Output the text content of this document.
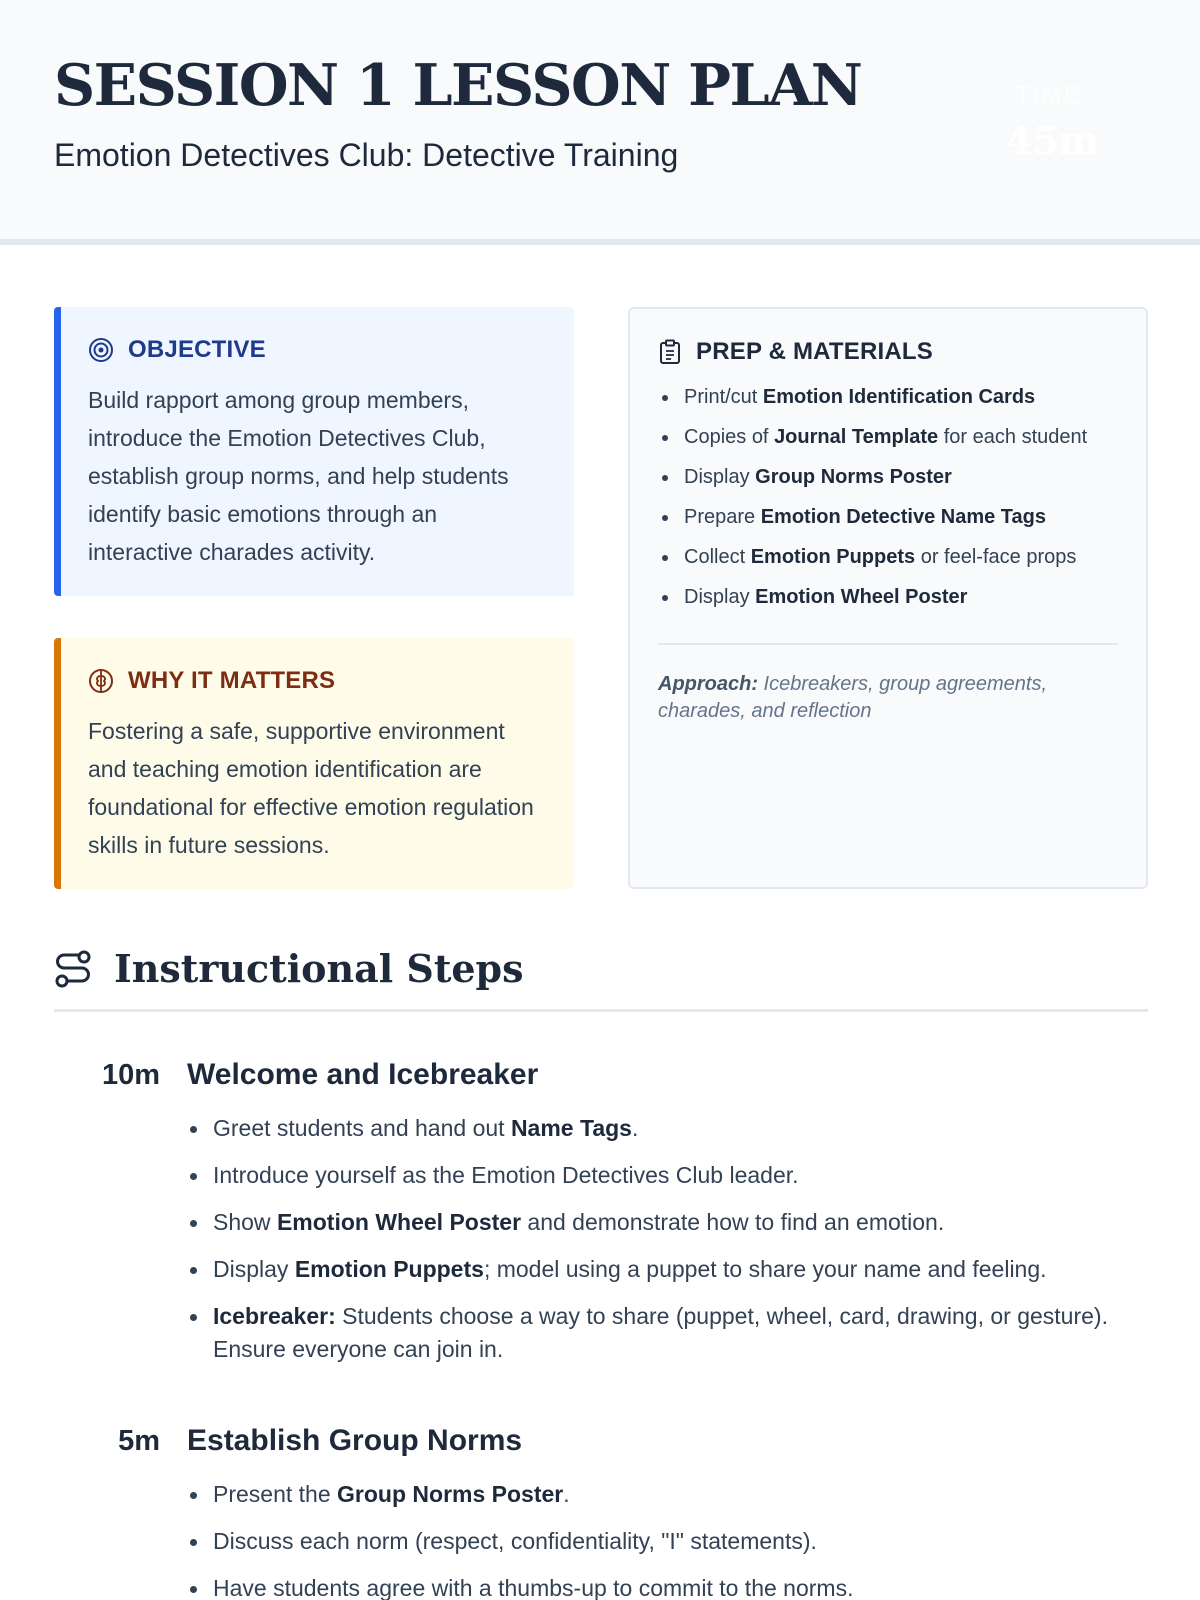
SESSION 1 LESSON PLAN
Emotion Detectives Club: Detective Training
TIME
45m
OBJECTIVE
Build rapport among group members, introduce the Emotion Detectives Club, establish group norms, and help students identify basic emotions through an interactive charades activity.
WHY IT MATTERS
Fostering a safe, supportive environment and teaching emotion identification are foundational for effective emotion regulation skills in future sessions.
PREP & MATERIALS
Print/cut Emotion Identification Cards
Copies of Journal Template for each student
Display Group Norms Poster
Prepare Emotion Detective Name Tags
Collect Emotion Puppets or feel-face props
Display Emotion Wheel Poster
Approach: Icebreakers, group agreements, charades, and reflection
Instructional Steps
10m Welcome and Icebreaker
Greet students and hand out Name Tags.
Introduce yourself as the Emotion Detectives Club leader.
Show Emotion Wheel Poster and demonstrate how to find an emotion.
Display Emotion Puppets; model using a puppet to share your name and feeling.
Icebreaker: Students choose a way to share (puppet, wheel, card, drawing, or gesture). Ensure everyone can join in.
5m Establish Group Norms
Present the Group Norms Poster.
Discuss each norm (respect, confidentiality, "I" statements).
Have students agree with a thumbs-up to commit to the norms.
